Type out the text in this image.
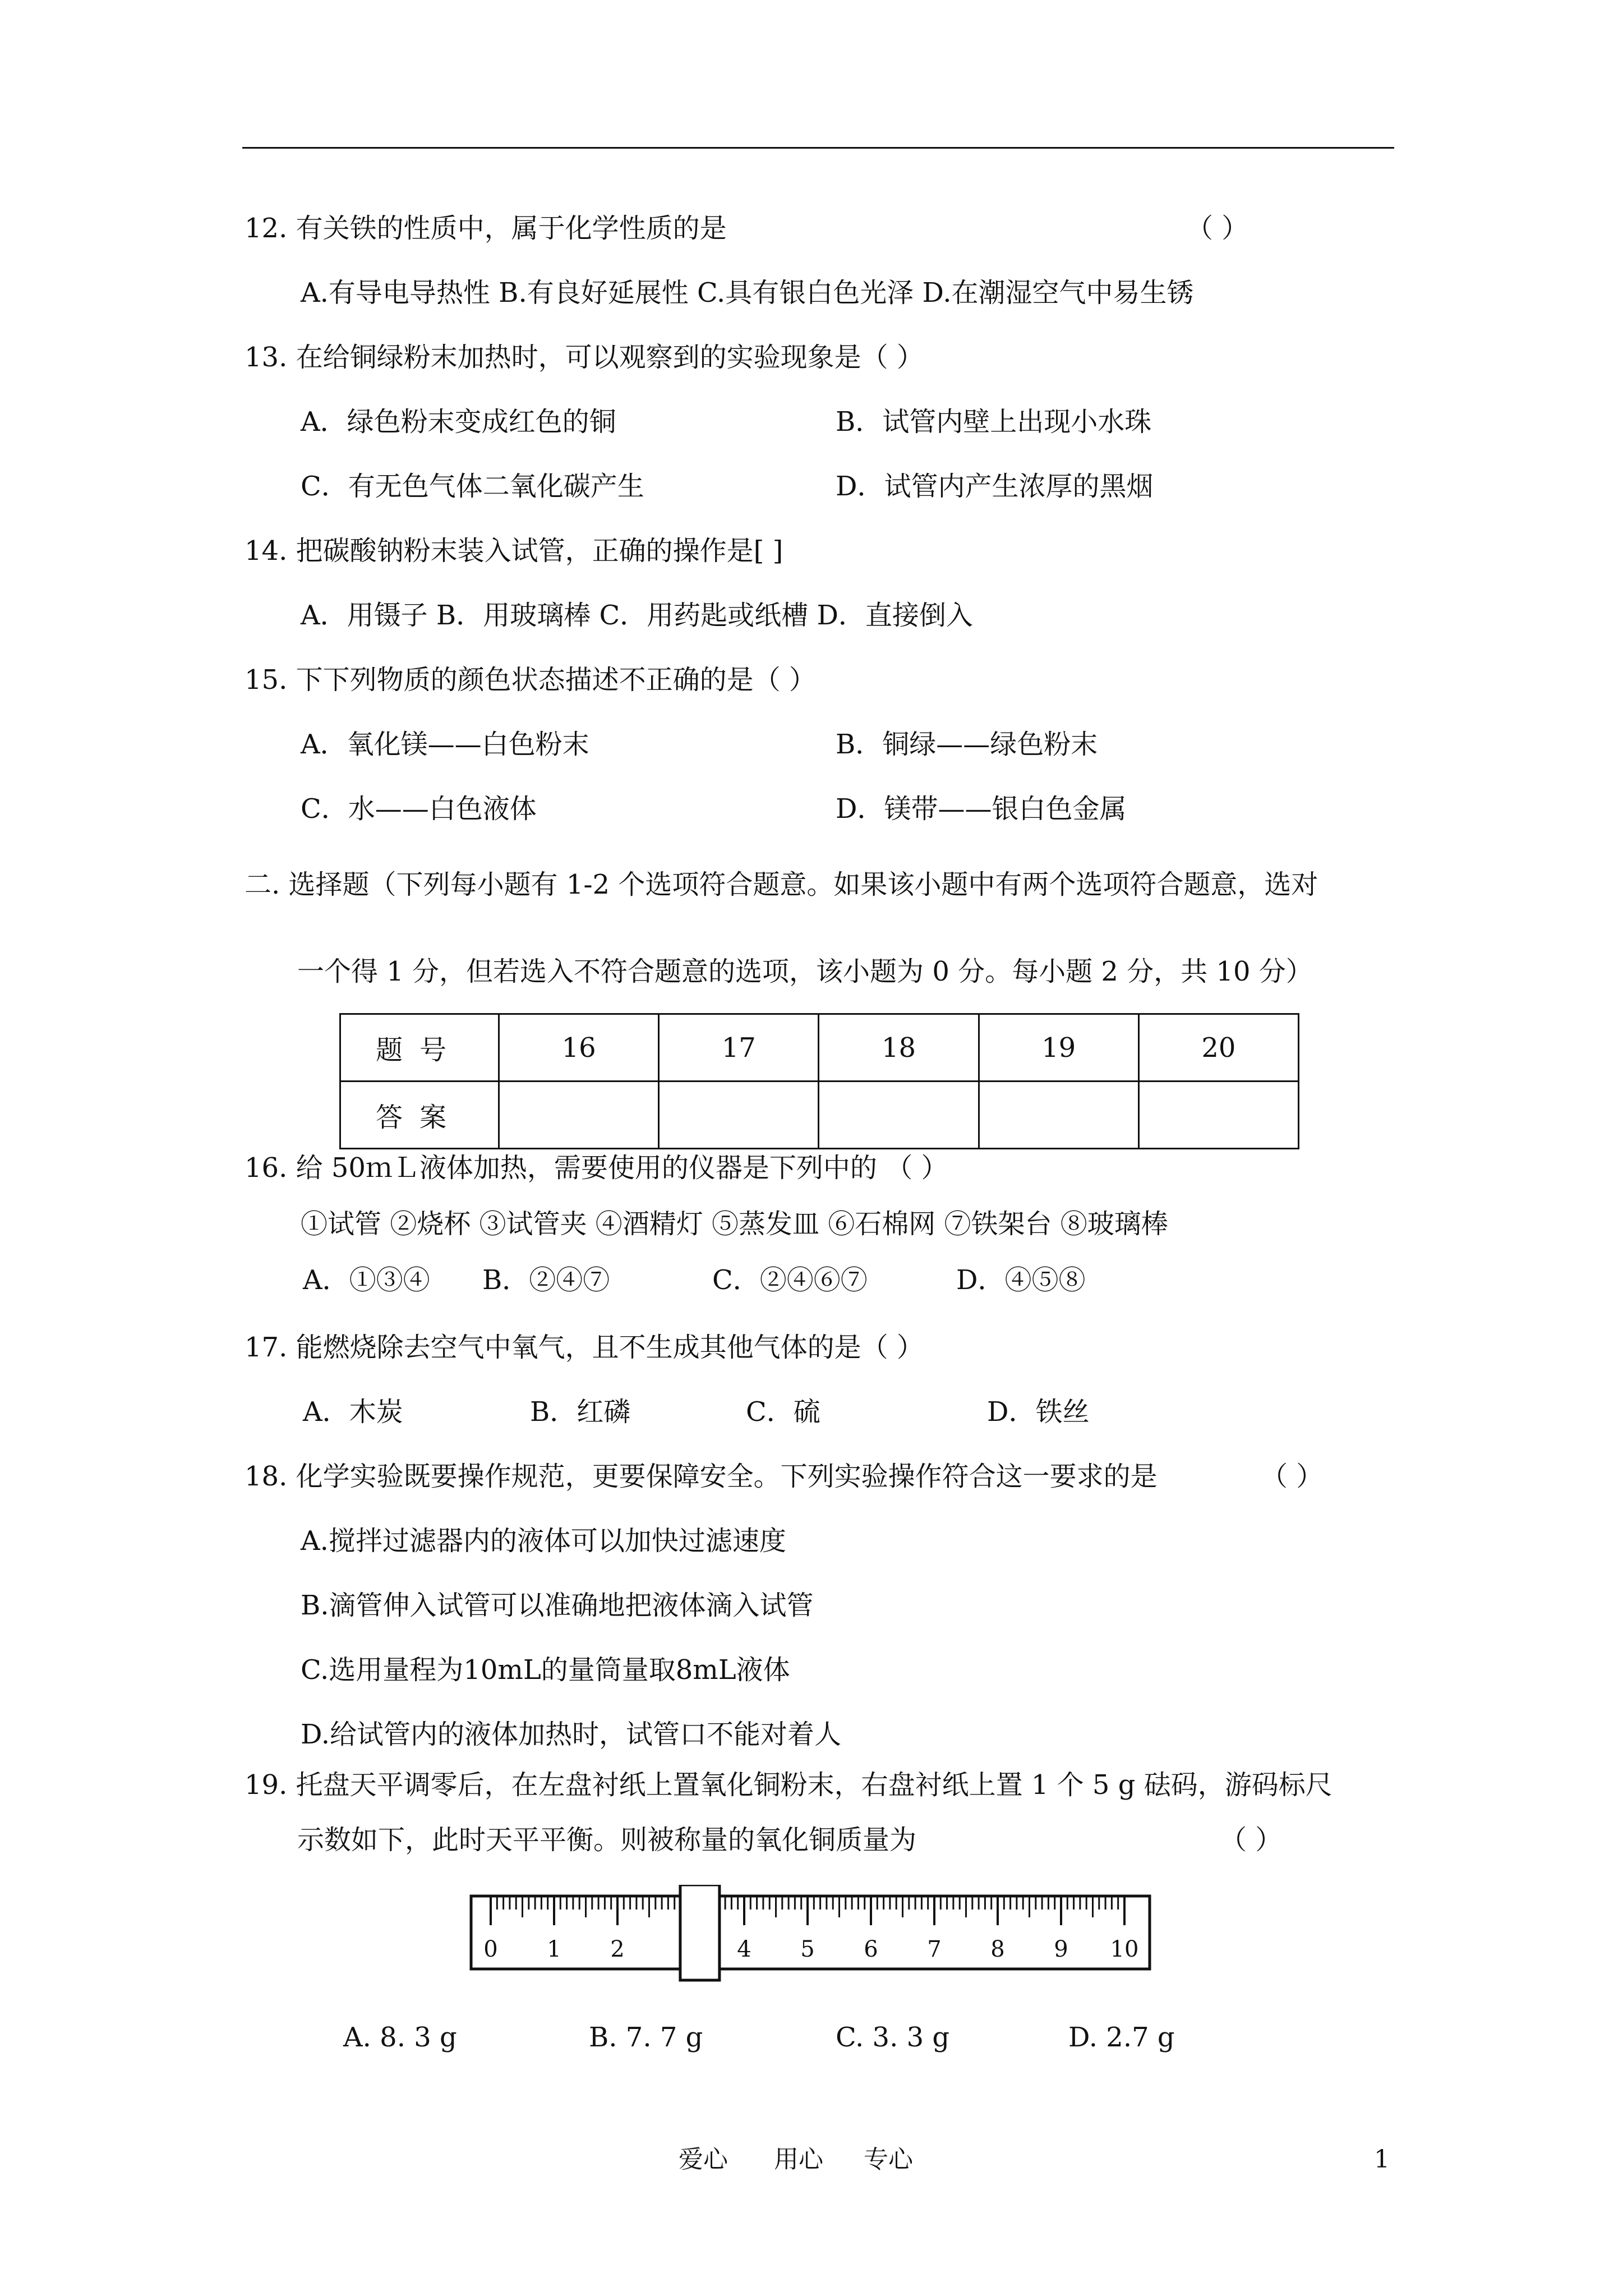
12. 有关铁的性质中，属于化学性质的是	（ ）
A.有导电导热性 B.有良好延展性 C.具有银白色光泽 D.在潮湿空气中易生锈
13. 在给铜绿粉末加热时，可以观察到的实验现象是（ ）
A．绿色粉末变成红色的铜	B．试管内壁上出现小水珠
C．有无色气体二氧化碳产生	D．试管内产生浓厚的黑烟
14. 把碳酸钠粉末装入试管，正确的操作是[ ]
A．用镊子 B．用玻璃棒 C．用药匙或纸槽 D．直接倒入
15. 下下列物质的颜色状态描述不正确的是（ ）
A．氧化镁——白色粉末	B．铜绿——绿色粉末
C．水——白色液体	D．镁带——银白色金属
二. 选择题（下列每小题有 1-2 个选项符合题意。如果该小题中有两个选项符合题意，选对
一个得 1 分，但若选入不符合题意的选项，该小题为 0 分。每小题 2 分，共 10 分）
题号	16	17	18	19	20
答案					
16. 给 50ｍＬ液体加热，需要使用的仪器是下列中的 （ ）
①试管 ②烧杯 ③试管夹 ④酒精灯 ⑤蒸发皿 ⑥石棉网 ⑦铁架台 ⑧玻璃棒
A．①③④ B．②④⑦	C．②④⑥⑦	D．④⑤⑧
17. 能燃烧除去空气中氧气，且不生成其他气体的是（ ）
A．木炭	B．红磷	C．硫	D．铁丝
18. 化学实验既要操作规范，更要保障安全。下列实验操作符合这一要求的是	（ ）
A.搅拌过滤器内的液体可以加快过滤速度
B.滴管伸入试管可以准确地把液体滴入试管
C.选用量程为10mL的量筒量取8mL液体
D.给试管内的液体加热时，试管口不能对着人
19. 托盘天平调零后，在左盘衬纸上置氧化铜粉末，右盘衬纸上置 1 个 5 g 砝码，游码标尺
示数如下，此时天平平衡。则被称量的氧化铜质量为	（ ）
0 1 2	4 5 6 7 8 9 10
A. 8. 3 g	B. 7. 7 g	C. 3. 3 g	D. 2.7 g
爱心 用心 专心	1
